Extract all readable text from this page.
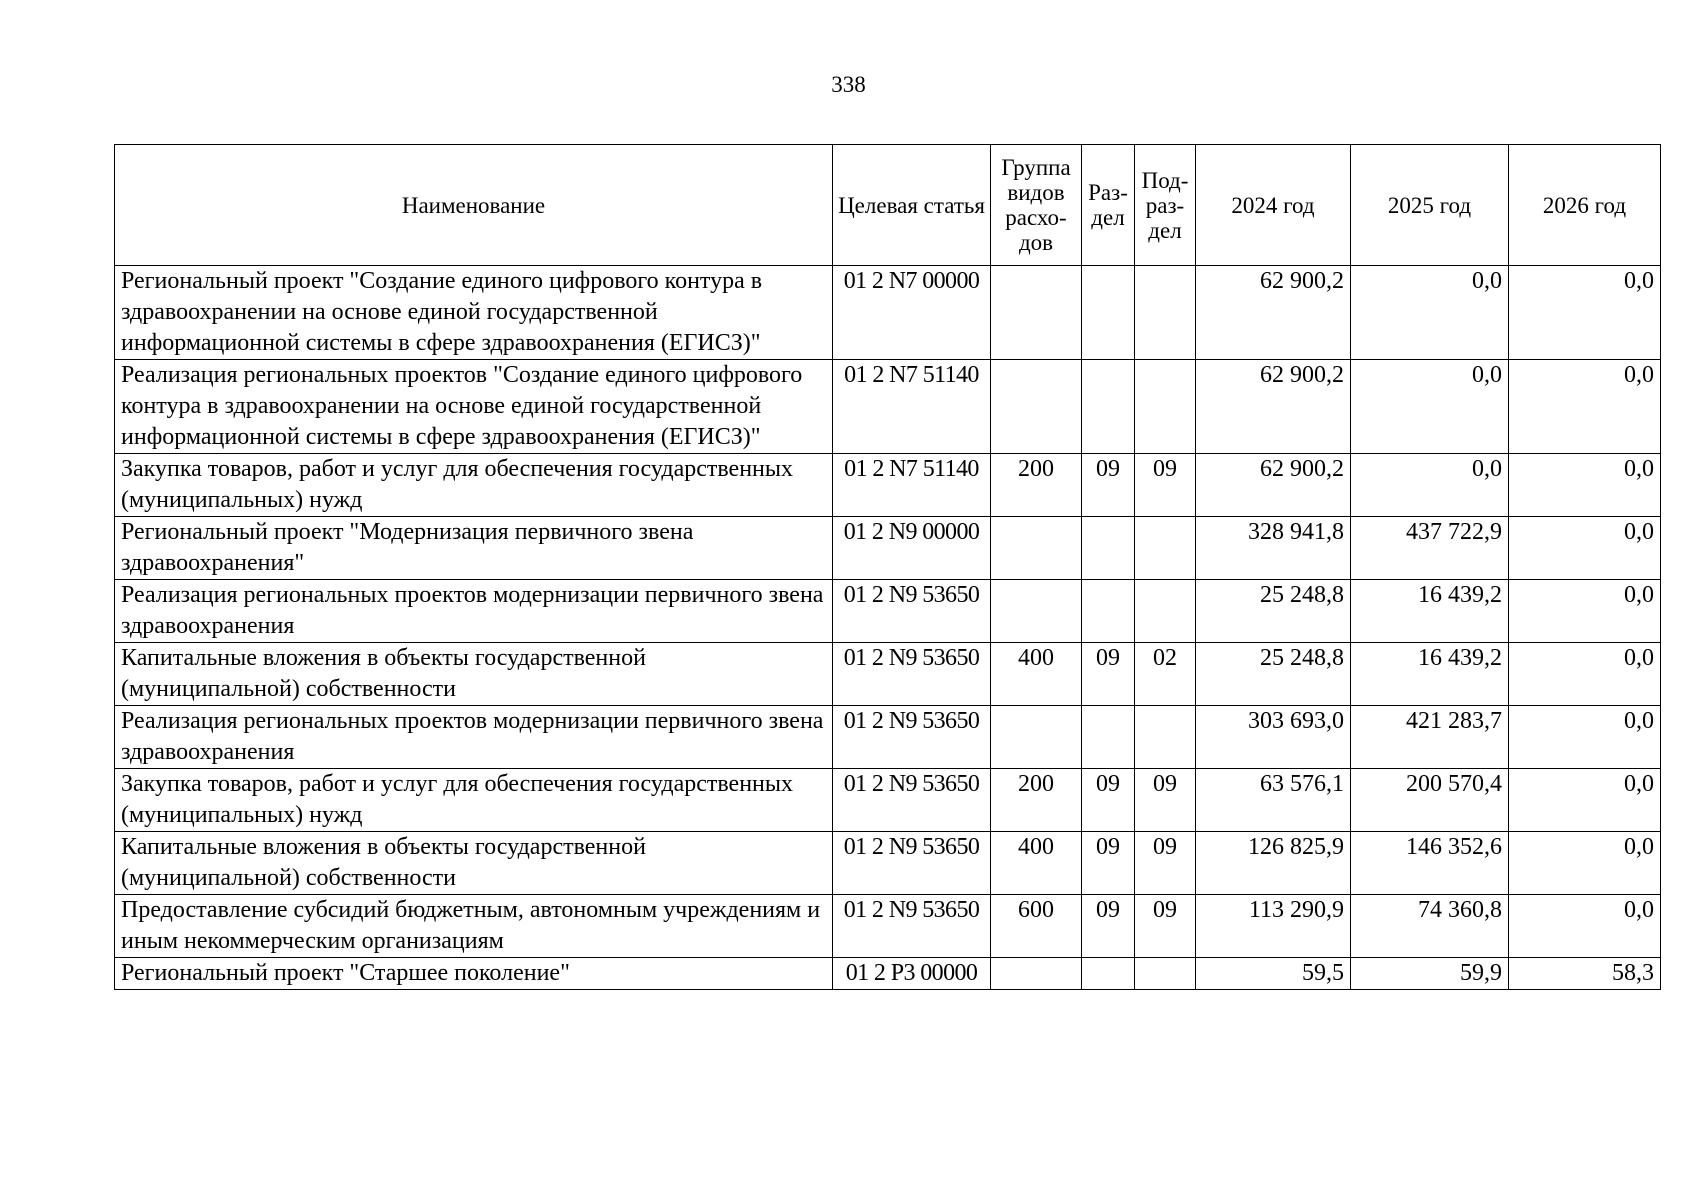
338
Наименование	Целевая статья	Группа
видов
расхо-
дов	Раз-
дел	Под-
раз-
дел	2024 год	2025 год	2026 год
Региональный проект "Создание единого цифрового контура в здравоохранении на основе единой государственной информационной системы в сфере здравоохранения (ЕГИСЗ)"	01 2 N7 00000				62 900,2	0,0	0,0
Реализация региональных проектов "Создание единого цифрового контура в здравоохранении на основе единой государственной информационной системы в сфере здравоохранения (ЕГИСЗ)"	01 2 N7 51140				62 900,2	0,0	0,0
Закупка товаров, работ и услуг для обеспечения государственных (муниципальных) нужд	01 2 N7 51140	200	09	09	62 900,2	0,0	0,0
Региональный проект "Модернизация первичного звена здравоохранения"	01 2 N9 00000				328 941,8	437 722,9	0,0
Реализация региональных проектов модернизации первичного звена здравоохранения	01 2 N9 53650				25 248,8	16 439,2	0,0
Капитальные вложения в объекты государственной (муниципальной) собственности	01 2 N9 53650	400	09	02	25 248,8	16 439,2	0,0
Реализация региональных проектов модернизации первичного звена здравоохранения	01 2 N9 53650				303 693,0	421 283,7	0,0
Закупка товаров, работ и услуг для обеспечения государственных (муниципальных) нужд	01 2 N9 53650	200	09	09	63 576,1	200 570,4	0,0
Капитальные вложения в объекты государственной (муниципальной) собственности	01 2 N9 53650	400	09	09	126 825,9	146 352,6	0,0
Предоставление субсидий бюджетным, автономным учреждениям и иным некоммерческим организациям	01 2 N9 53650	600	09	09	113 290,9	74 360,8	0,0
Региональный проект "Старшее поколение"	01 2 P3 00000				59,5	59,9	58,3
